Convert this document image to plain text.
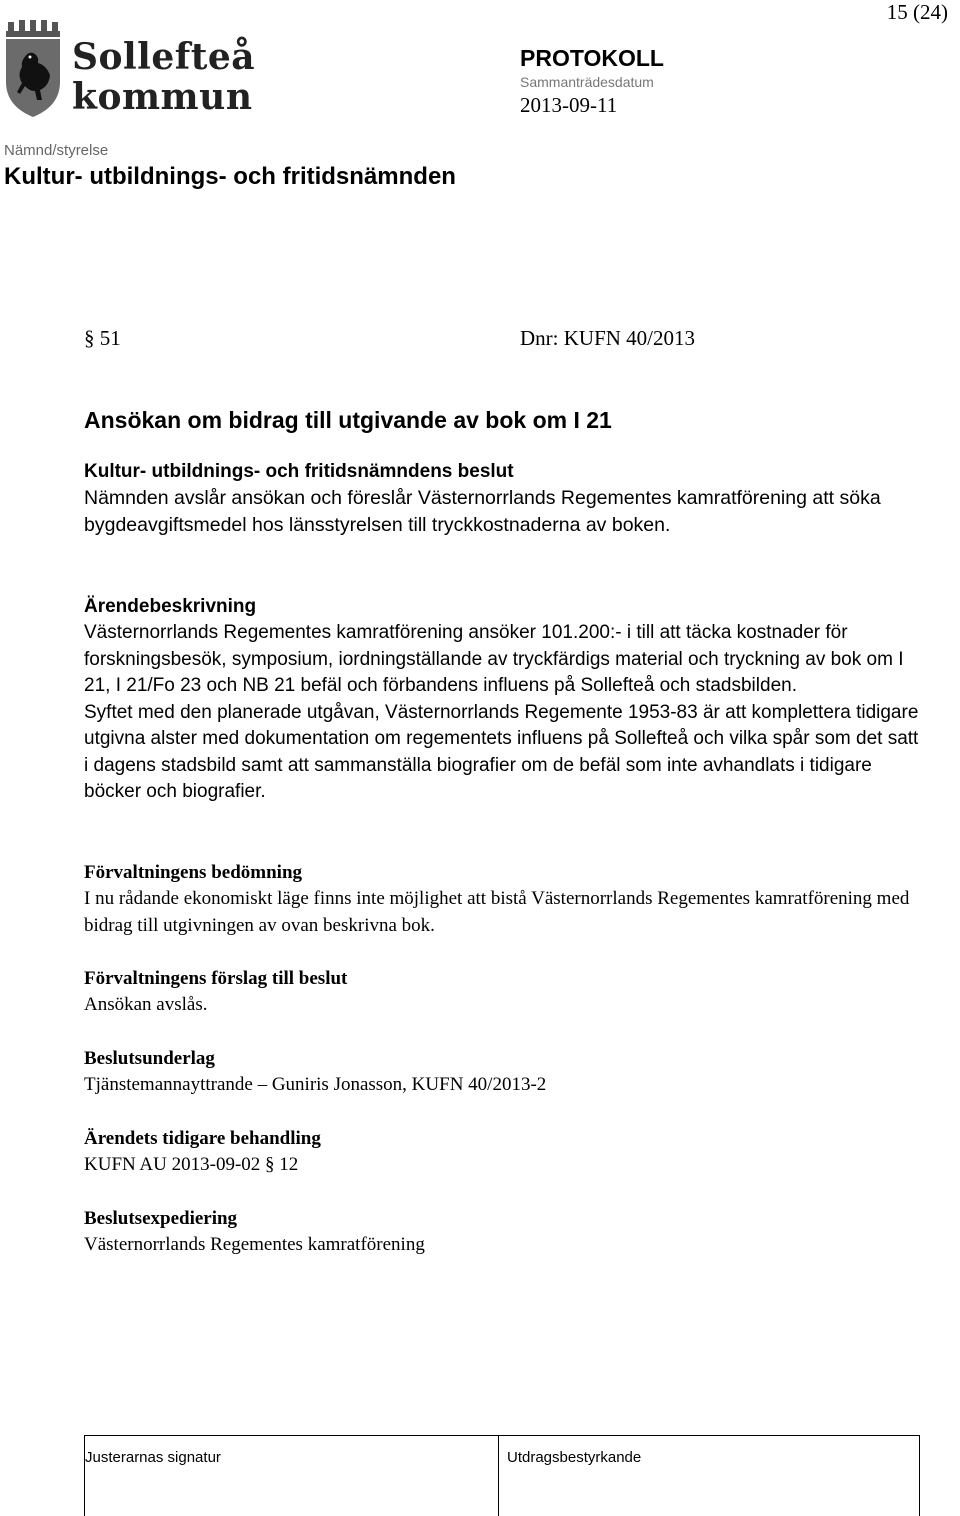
15 (24)
Sollefteå
kommun
PROTOKOLL
Sammanträdesdatum
2013-09-11
Nämnd/styrelse
Kultur- utbildnings- och fritidsnämnden
§ 51	Dnr: KUFN 40/2013
Ansökan om bidrag till utgivande av bok om I 21
Kultur- utbildnings- och fritidsnämndens beslut

Nämnden avslår ansökan och föreslår Västernorrlands Regementes kamratförening att söka bygdeavgiftsmedel hos länsstyrelsen till tryckkostnaderna av boken.

Ärendebeskrivning

Västernorrlands Regementes kamratförening ansöker 101.200:- i till att täcka kostnader för forskningsbesök, symposium, iordningställande av tryckfärdigs material och tryckning av bok om I 21, I 21/Fo 23 och NB 21 befäl och förbandens influens på Sollefteå och stadsbilden.

Syftet med den planerade utgåvan, Västernorrlands Regemente 1953-83 är att komplettera tidigare utgivna alster med dokumentation om regementets influens på Sollefteå och vilka spår som det satt i dagens stadsbild samt att sammanställa biografier om de befäl som inte avhandlats i tidigare böcker och biografier.

Förvaltningens bedömning

I nu rådande ekonomiskt läge finns inte möjlighet att bistå Västernorrlands Regementes kamratförening med bidrag till utgivningen av ovan beskrivna bok.

Förvaltningens förslag till beslut

Ansökan avslås.

Beslutsunderlag

Tjänstemannayttrande – Guniris Jonasson, KUFN 40/2013-2

Ärendets tidigare behandling

KUFN AU 2013-09-02 § 12

Beslutsexpediering

Västernorrlands Regementes kamratförening

Justerarnas signatur	Utdragsbestyrkande
